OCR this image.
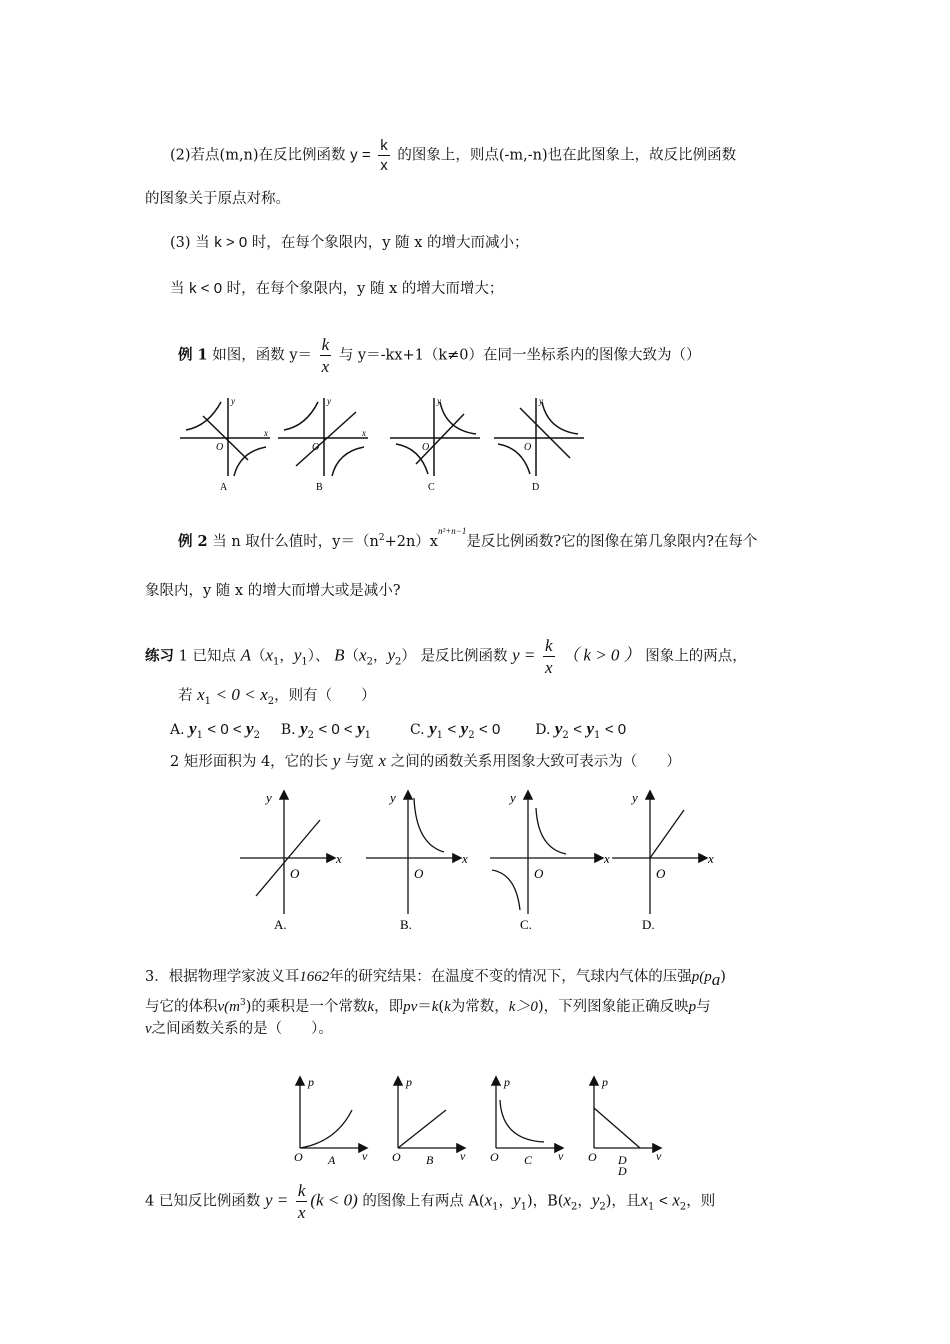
(2)若点(m,n)在反比例函数 $y = \frac{k}{x}$ 的图象上，则点(-m,-n)也在此图象上，故反比例函数
的图象关于原点对称。
(3) 当 k > 0 时，在每个象限内，y 随 x 的增大而减小；
当 k < 0 时，在每个象限内，y 随 x 的增大而增大；
例 1 如图，函数 $y= \frac{k}{x}$ 与 y＝-kx+1（k≠0）在同一坐标系内的图像大致为（）
x
y
O
A
x
y
O
B
y
O
C
y
O
D
例 2 当 n 取什么值时，$y=(n^2+2n)x^{n^2+n-1}$是反比例函数?它的图像在第几象限内?在每个
象限内，y 随 x 的增大而增大或是减小?
练习 1 已知点 $A(x_1$，$y_1$）、 $B(x_2$，$y_2$） 是反比例函数 $y = \frac{k}{x}$ （ k > 0 ） 图象上的两点，
若 $x_1 < 0 < x_2$，则有（　　）
A. $y_1 < 0 < y_2$ B. $y_2 < 0 < y_1$	C. $y_1 < y_2 < 0$ D. $y_2 < y_1 < 0$
2 矩形面积为 4，它的长 y 与宽 x 之间的函数关系用图象大致可表示为（　　）
x
y
O
A.
x
y
O
B.
x
y
O
C.
x
y
O
D.
3．根据物理学家波义耳1662年的研究结果：在温度不变的情况下，气球内气体的压强$p(p_a)$
与它的体积$v(m^3)$的乘积是一个常数k，即pv＝k(k为常数，k＞0)，下列图象能正确反映p与
v之间函数关系的是（　　）。
p
v
O A
p
v
O B
p
v
O C
p
v
O D
D
4 已知反比例函数 $y = \frac{k}{x} (k < 0)$ 的图像上有两点 $A(x_1$，$y_1$)，$B(x_2$，$y_2$)，且$x_1 < x_2$，则
